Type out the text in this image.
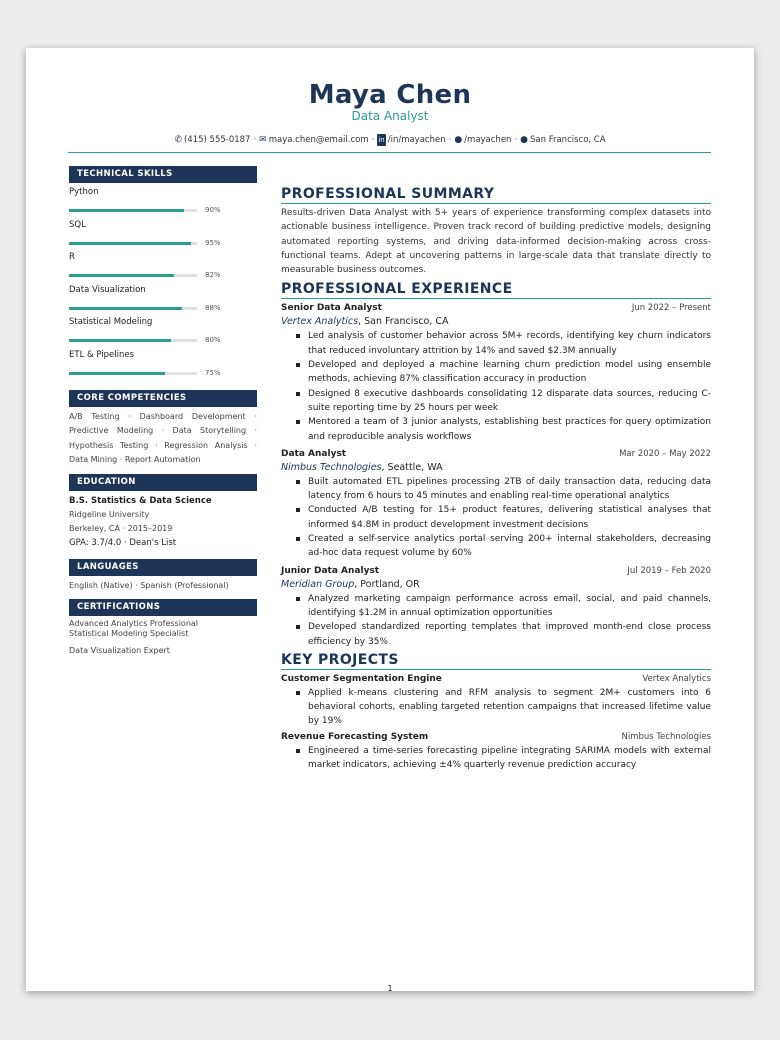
Maya Chen
Data Analyst
✆ (415) 555-0187 · ✉ maya.chen@email.com · in /in/mayachen · ● /mayachen · ● San Francisco, CA
TECHNICAL SKILLS
Python
90%
SQL
95%
R
82%
Data Visualization
88%
Statistical Modeling
80%
ETL & Pipelines
75%
CORE COMPETENCIES
A/B Testing · Dashboard Development · Predictive Modeling · Data Storytelling · Hypothesis Testing · Regression Analysis · Data Mining · Report Automation
EDUCATION
B.S. Statistics & Data Science
Ridgeline University
Berkeley, CA · 2015–2019
GPA: 3.7/4.0 · Dean's List
LANGUAGES
English (Native) · Spanish (Professional)
CERTIFICATIONS
Advanced Analytics Professional
Statistical Modeling Specialist
Data Visualization Expert
PROFESSIONAL SUMMARY
Results-driven Data Analyst with 5+ years of experience transforming complex datasets into actionable business intelligence. Proven track record of building predictive models, designing automated reporting systems, and driving data-informed decision-making across cross-functional teams. Adept at uncovering patterns in large-scale data that translate directly to measurable business outcomes.
PROFESSIONAL EXPERIENCE
Senior Data Analyst	Jun 2022 – Present
Vertex Analytics, San Francisco, CA
Led analysis of customer behavior across 5M+ records, identifying key churn indicators that reduced involuntary attrition by 14% and saved $2.3M annually
Developed and deployed a machine learning churn prediction model using ensemble methods, achieving 87% classification accuracy in production
Designed 8 executive dashboards consolidating 12 disparate data sources, reducing C-suite reporting time by 25 hours per week
Mentored a team of 3 junior analysts, establishing best practices for query optimization and reproducible analysis workflows
Data Analyst	Mar 2020 – May 2022
Nimbus Technologies, Seattle, WA
Built automated ETL pipelines processing 2TB of daily transaction data, reducing data latency from 6 hours to 45 minutes and enabling real-time operational analytics
Conducted A/B testing for 15+ product features, delivering statistical analyses that informed $4.8M in product development investment decisions
Created a self-service analytics portal serving 200+ internal stakeholders, decreasing ad-hoc data request volume by 60%
Junior Data Analyst	Jul 2019 – Feb 2020
Meridian Group, Portland, OR
Analyzed marketing campaign performance across email, social, and paid channels, identifying $1.2M in annual optimization opportunities
Developed standardized reporting templates that improved month-end close process efficiency by 35%
KEY PROJECTS
Customer Segmentation Engine	Vertex Analytics
Applied k-means clustering and RFM analysis to segment 2M+ customers into 6 behavioral cohorts, enabling targeted retention campaigns that increased lifetime value by 19%
Revenue Forecasting System	Nimbus Technologies
Engineered a time-series forecasting pipeline integrating SARIMA models with external market indicators, achieving ±4% quarterly revenue prediction accuracy
1
